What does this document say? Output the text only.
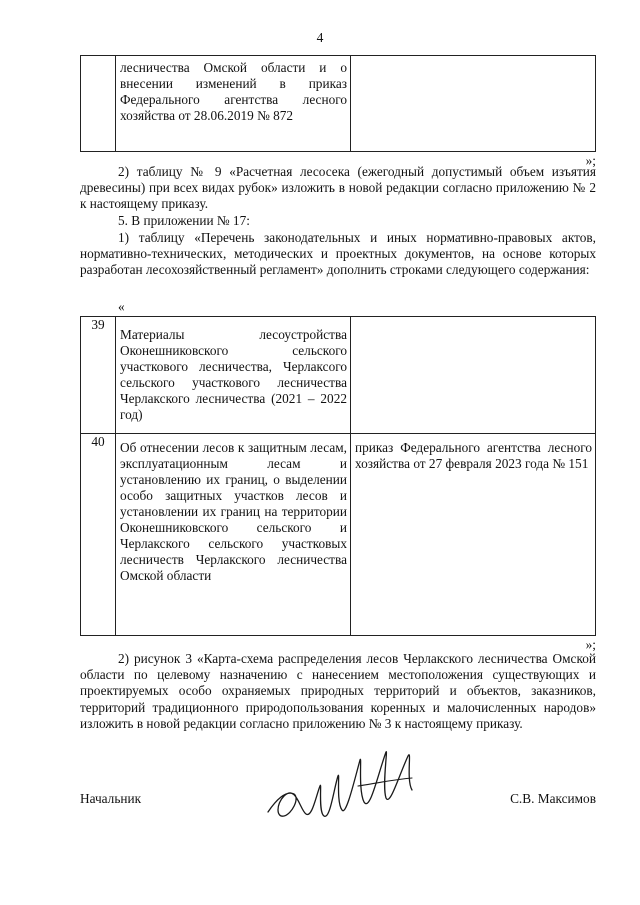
4

лесничества Омской области и о внесении изменений в приказ Федерального агентства лесного хозяйства от 28.06.2019 № 872

»;
2) таблицу № 9 «Расчетная лесосека (ежегодный допустимый объем изъятия древесины) при всех видах рубок» изложить в новой редакции согласно приложению № 2 к настоящему приказу.
5. В приложении № 17:
1) таблицу «Перечень законодательных и иных нормативно-правовых актов, нормативно-технических, методических и проектных документов, на основе которых разработан лесохозяйственный регламент» дополнить строками следующего содержания:
«
39	Материалы лесоустройства Оконешниковского сельского участкового лесничества, Черлаксого сельского участкового лесничества Черлакского лесничества (2021 – 2022 год)	

40	Об отнесении лесов к защитным лесам, эксплуатационным лесам и установлению их границ, о выделении особо защитных участков лесов и установлении их границ на территории Оконешниковского сельского и Черлакского сельского участковых лесничеств Черлакского лесничества Омской области	приказ Федерального агентства лесного хозяйства от 27 февраля 2023 года № 151
»;
2) рисунок 3 «Карта-схема распределения лесов Черлакского лесничества Омской области по целевому назначению с нанесением местоположения существующих и проектируемых особо охраняемых природных территорий и объектов, заказников, территорий традиционного природопользования коренных и малочисленных народов» изложить в новой редакции согласно приложению № 3 к настоящему приказу.
Начальник	С.В. Максимов
